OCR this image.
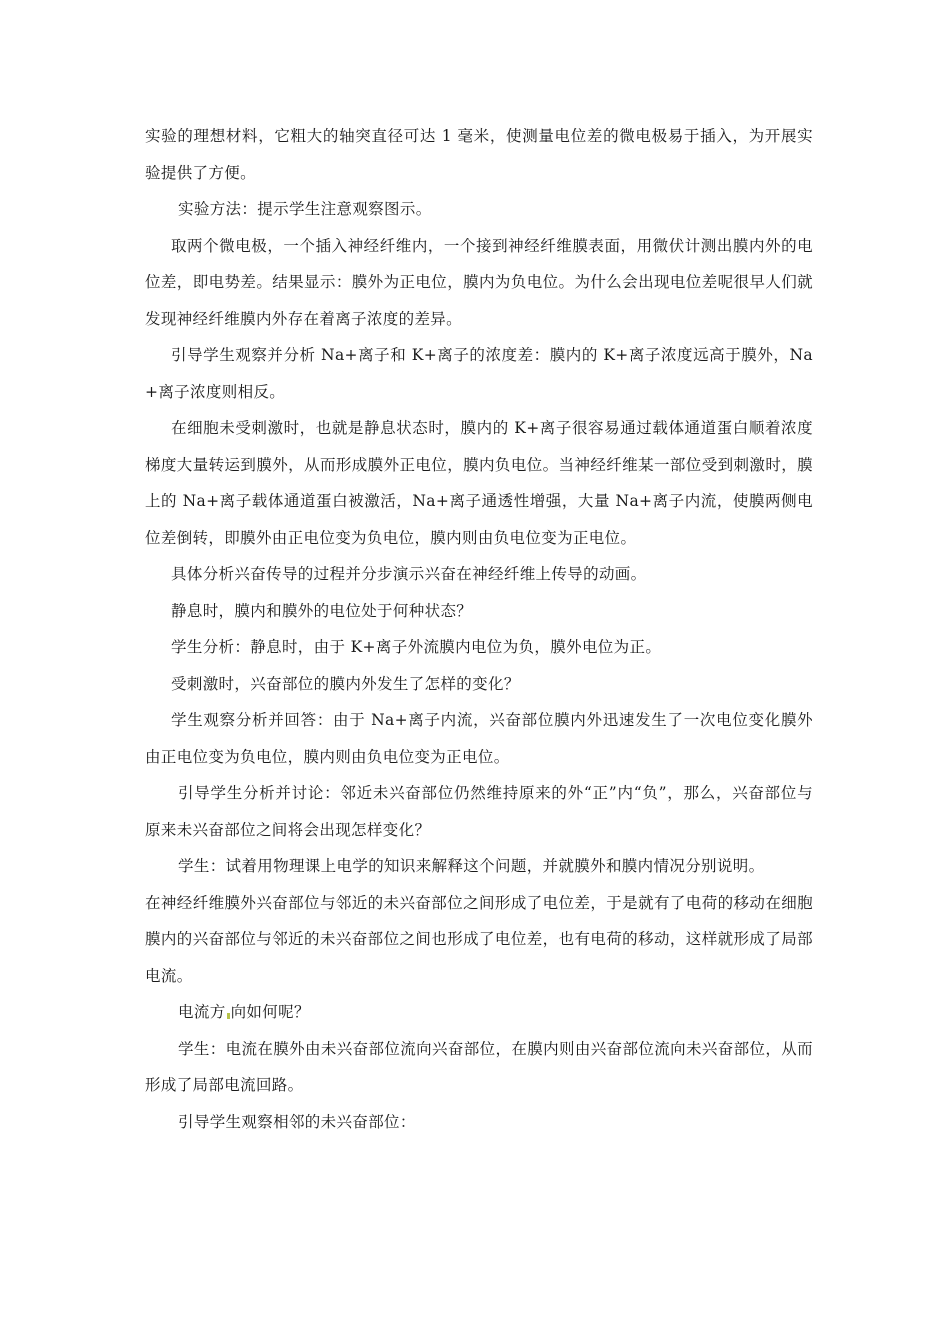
实验的理想材料，它粗大的轴突直径可达 1 毫米，使测量电位差的微电极易于插入，为开展实验提供了方便。

实验方法：提示学生注意观察图示。

取两个微电极，一个插入神经纤维内，一个接到神经纤维膜表面，用微伏计测出膜内外的电位差，即电势差。结果显示：膜外为正电位，膜内为负电位。为什么会出现电位差呢很早人们就发现神经纤维膜内外存在着离子浓度的差异。

引导学生观察并分析 Na+离子和 K+离子的浓度差：膜内的 K+离子浓度远高于膜外，Na+离子浓度则相反。

在细胞未受刺激时，也就是静息状态时，膜内的 K+离子很容易通过载体通道蛋白顺着浓度梯度大量转运到膜外，从而形成膜外正电位，膜内负电位。当神经纤维某一部位受到刺激时，膜上的 Na+离子载体通道蛋白被激活，Na+离子通透性增强，大量 Na+离子内流，使膜两侧电位差倒转，即膜外由正电位变为负电位，膜内则由负电位变为正电位。

具体分析兴奋传导的过程并分步演示兴奋在神经纤维上传导的动画。

静息时，膜内和膜外的电位处于何种状态？

学生分析：静息时，由于 K+离子外流膜内电位为负，膜外电位为正。

受刺激时，兴奋部位的膜内外发生了怎样的变化？

学生观察分析并回答：由于 Na+离子内流，兴奋部位膜内外迅速发生了一次电位变化膜外由正电位变为负电位，膜内则由负电位变为正电位。

引导学生分析并讨论：邻近未兴奋部位仍然维持原来的外“正”内“负”，那么，兴奋部位与原来未兴奋部位之间将会出现怎样变化？

学生：试着用物理课上电学的知识来解释这个问题，并就膜外和膜内情况分别说明。

在神经纤维膜外兴奋部位与邻近的未兴奋部位之间形成了电位差，于是就有了电荷的移动在细胞膜内的兴奋部位与邻近的未兴奋部位之间也形成了电位差，也有电荷的移动，这样就形成了局部电流。

电流方 向如何呢？

学生：电流在膜外由未兴奋部位流向兴奋部位，在膜内则由兴奋部位流向未兴奋部位，从而形成了局部电流回路。

引导学生观察相邻的未兴奋部位：
